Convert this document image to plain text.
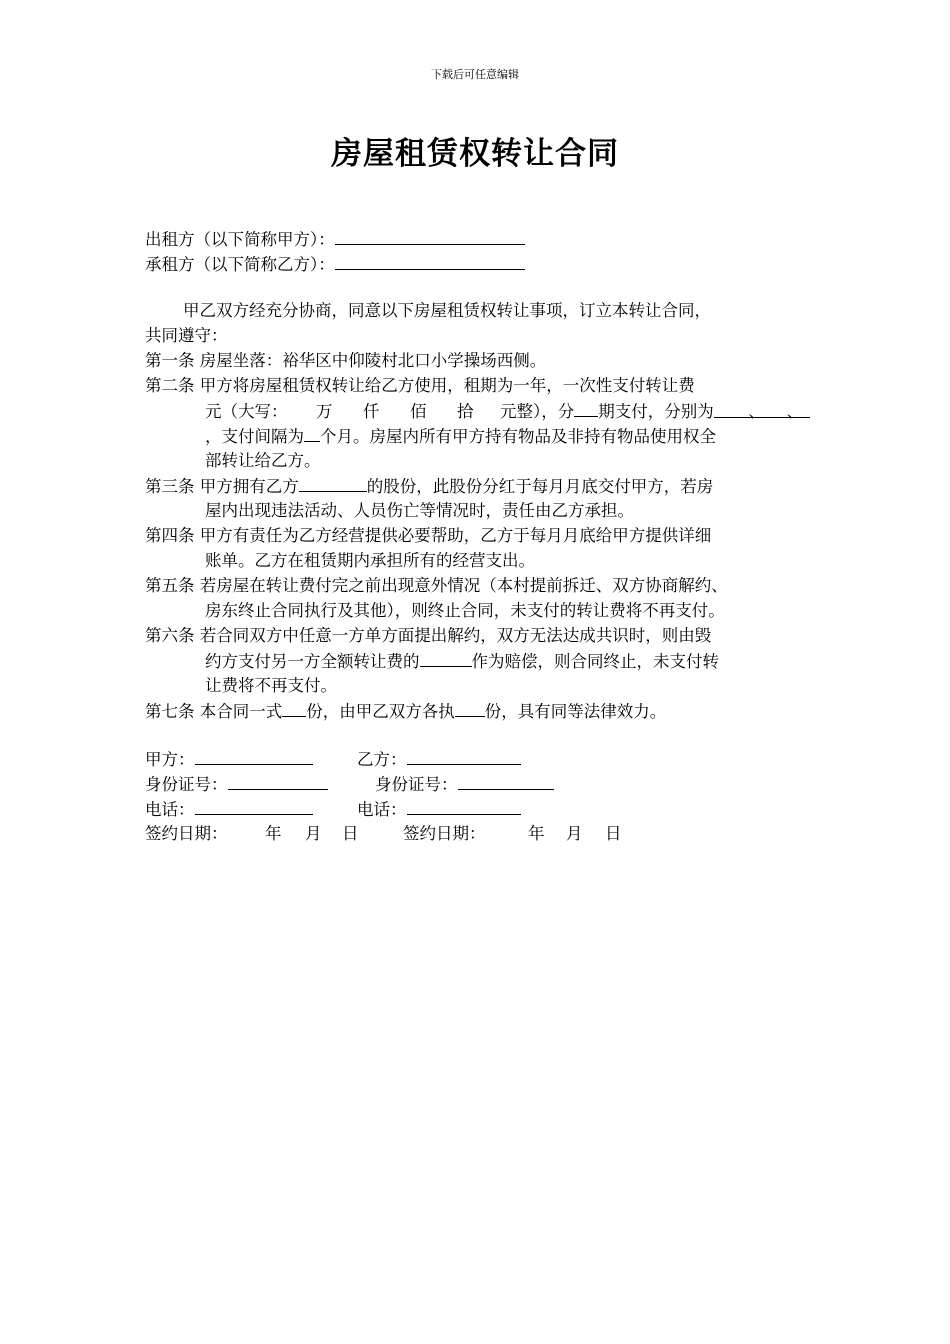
下载后可任意编辑
房屋租赁权转让合同
出租方（以下简称甲方）：
承租方（以下简称乙方）：
甲乙双方经充分协商，同意以下房屋租赁权转让事项，订立本转让合同，
共同遵守：
第一条 房屋坐落：裕华区中仰陵村北口小学操场西侧。
第二条 甲方将房屋租赁权转让给乙方使用，租期为一年，一次性支付转让费
元（大写： 万 仟 佰 拾 元整），分 期支付，分别为 、 、
，支付间隔为 个月。房屋内所有甲方持有物品及非持有物品使用权全
部转让给乙方。
第三条 甲方拥有乙方	的股份，此股份分红于每月月底交付甲方，若房
屋内出现违法活动、人员伤亡等情况时，责任由乙方承担。
第四条 甲方有责任为乙方经营提供必要帮助，乙方于每月月底给甲方提供详细
账单。乙方在租赁期内承担所有的经营支出。
第五条 若房屋在转让费付完之前出现意外情况（本村提前拆迁、双方协商解约、
房东终止合同执行及其他），则终止合同，未支付的转让费将不再支付。
第六条 若合同双方中任意一方单方面提出解约，双方无法达成共识时，则由毁
约方支付另一方全额转让费的	作为赔偿，则合同终止，未支付转
让费将不再支付。
第七条 本合同一式 份，由甲乙双方各执 份，具有同等法律效力。
甲方：	乙方：
身份证号：	身份证号：
电话：	电话：
签约日期： 年 月 日	签约日期：	年 月 日
